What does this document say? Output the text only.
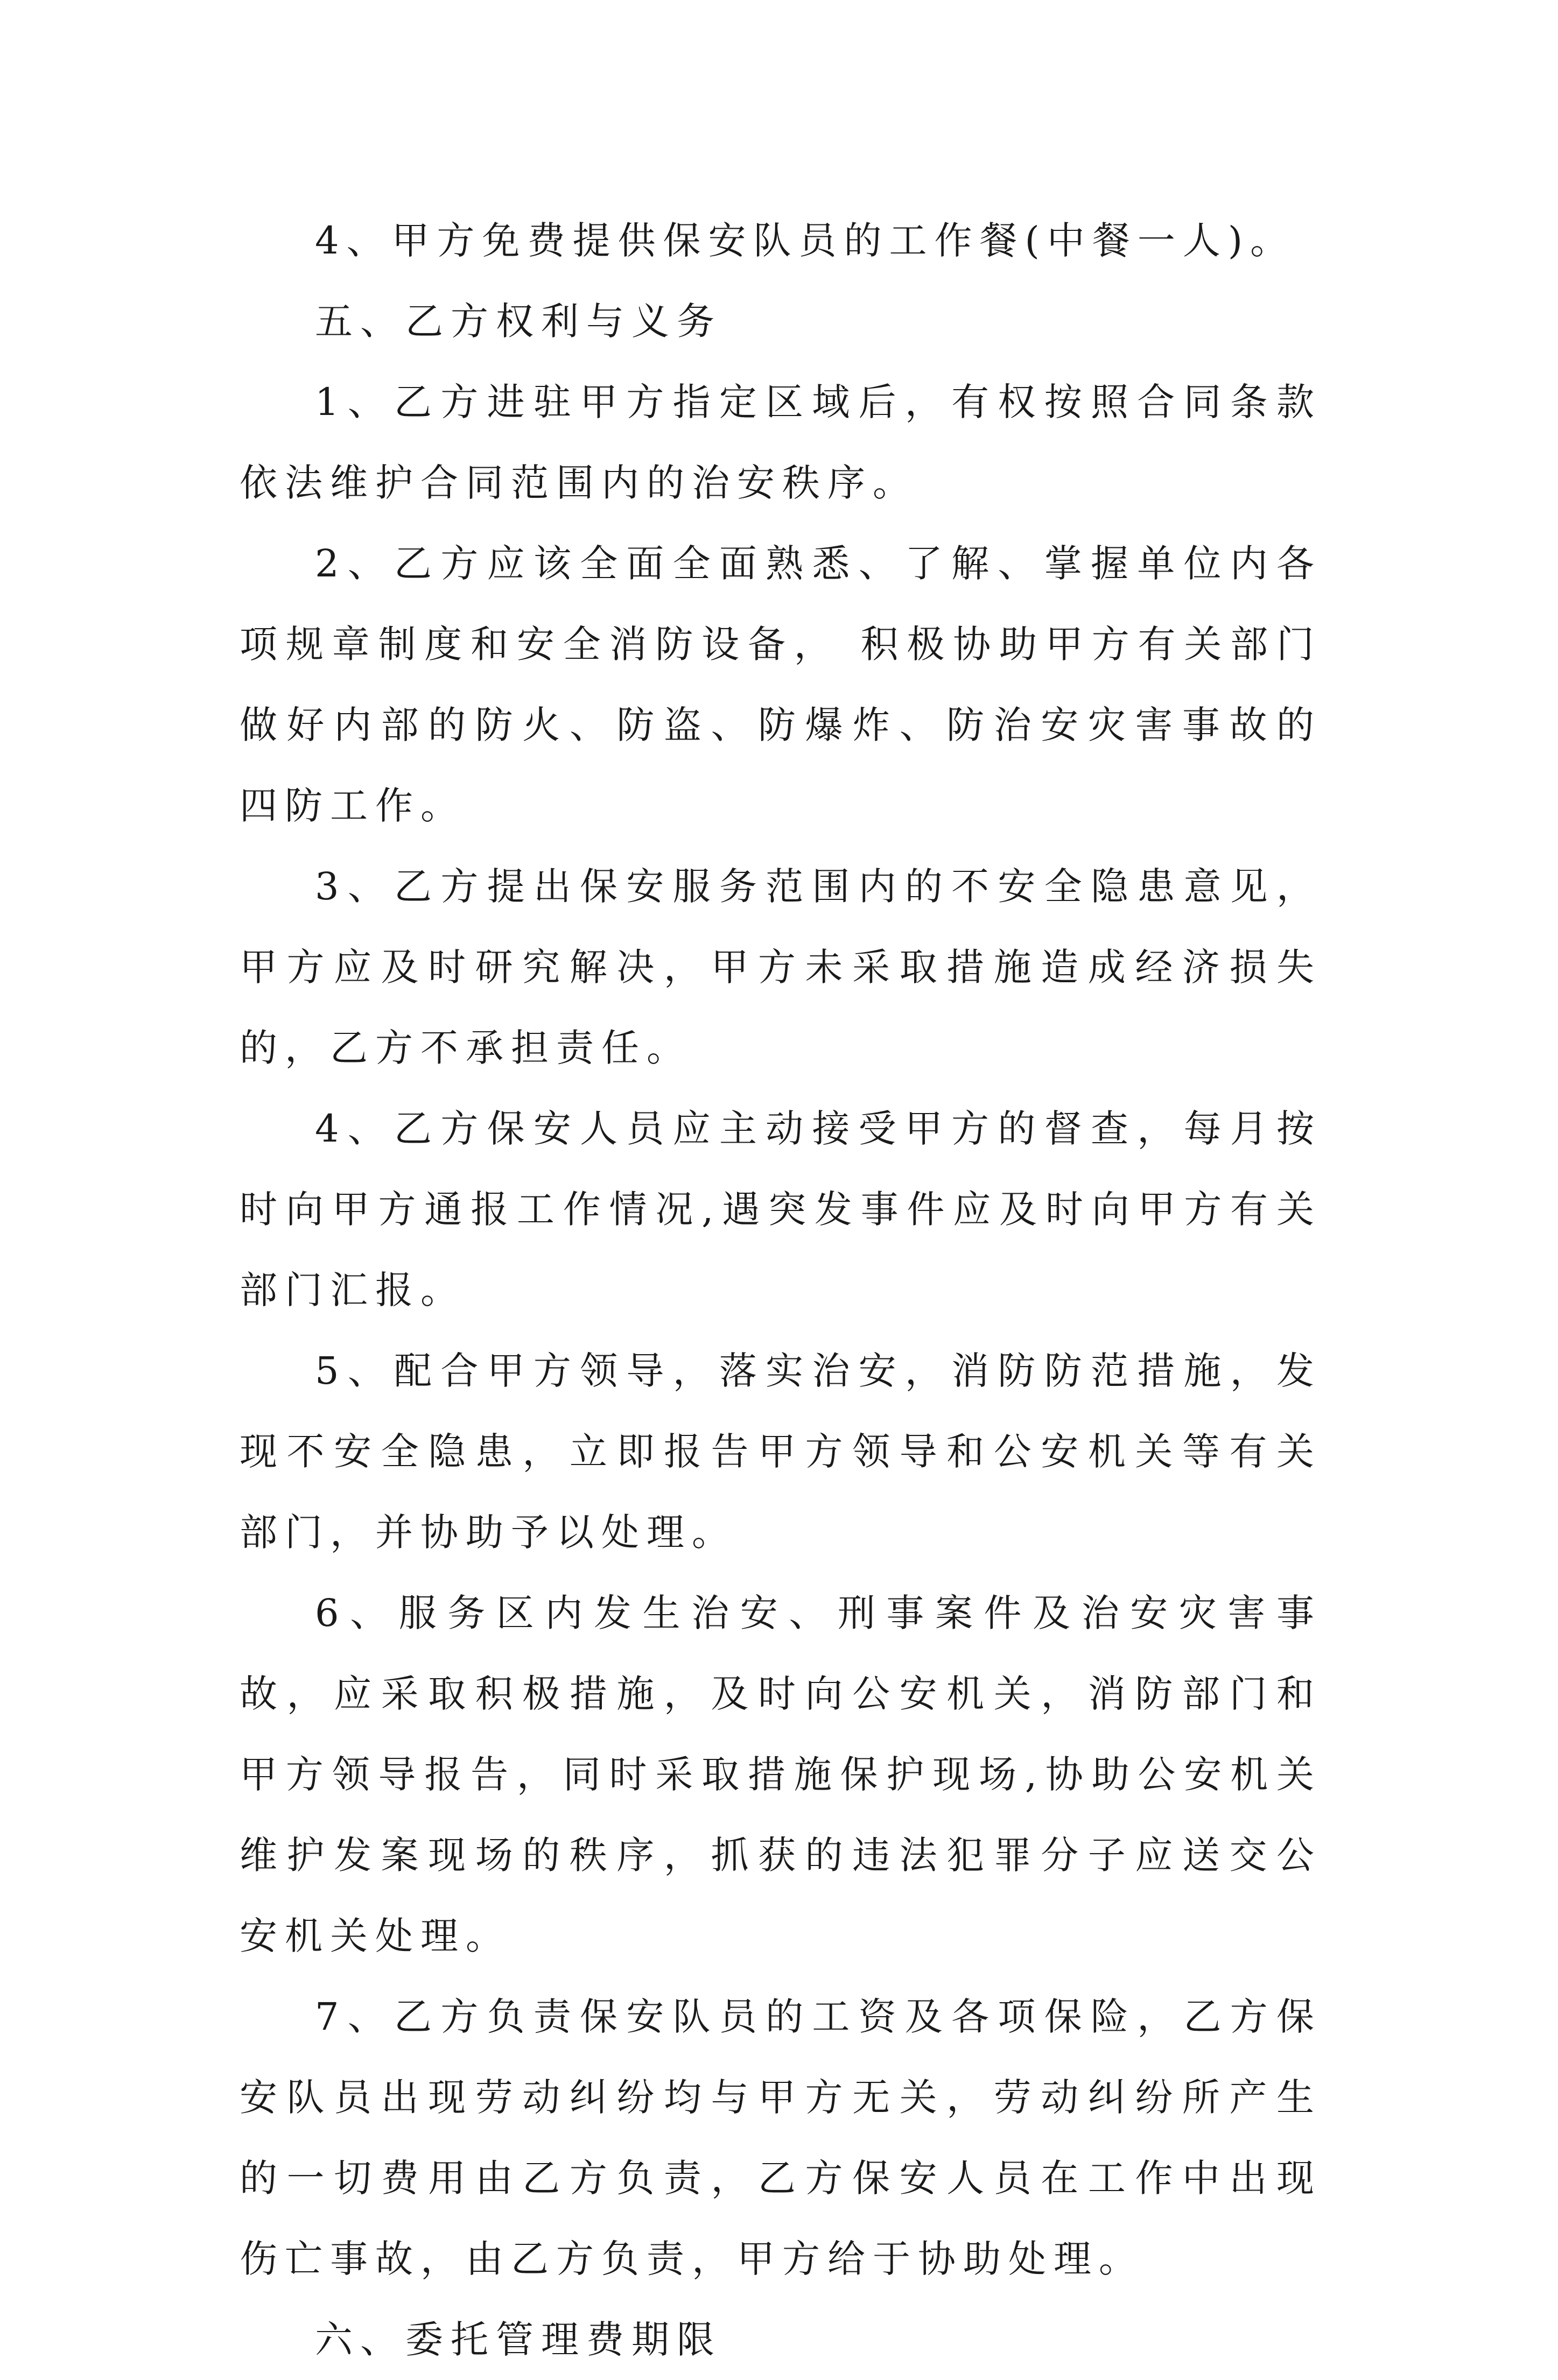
4、甲方免费提供保安队员的工作餐(中餐一人)。

五、乙方权利与义务

1、乙方进驻甲方指定区域后，有权按照合同条款依法维护合同范围内的治安秩序。

2、乙方应该全面全面熟悉、了解、掌握单位内各项规章制度和安全消防设备， 积极协助甲方有关部门做好内部的防火、防盗、防爆炸、防治安灾害事故的四防工作。

3、乙方提出保安服务范围内的不安全隐患意见，甲方应及时研究解决，甲方未采取措施造成经济损失的，乙方不承担责任。

4、乙方保安人员应主动接受甲方的督查，每月按时向甲方通报工作情况,遇突发事件应及时向甲方有关部门汇报。

5、配合甲方领导，落实治安，消防防范措施，发现不安全隐患，立即报告甲方领导和公安机关等有关部门，并协助予以处理。

6、服务区内发生治安、刑事案件及治安灾害事故，应采取积极措施，及时向公安机关，消防部门和甲方领导报告，同时采取措施保护现场,协助公安机关维护发案现场的秩序，抓获的违法犯罪分子应送交公安机关处理。

7、乙方负责保安队员的工资及各项保险，乙方保安队员出现劳动纠纷均与甲方无关，劳动纠纷所产生的一切费用由乙方负责，乙方保安人员在工作中出现伤亡事故，由乙方负责，甲方给于协助处理。

六、委托管理费期限
